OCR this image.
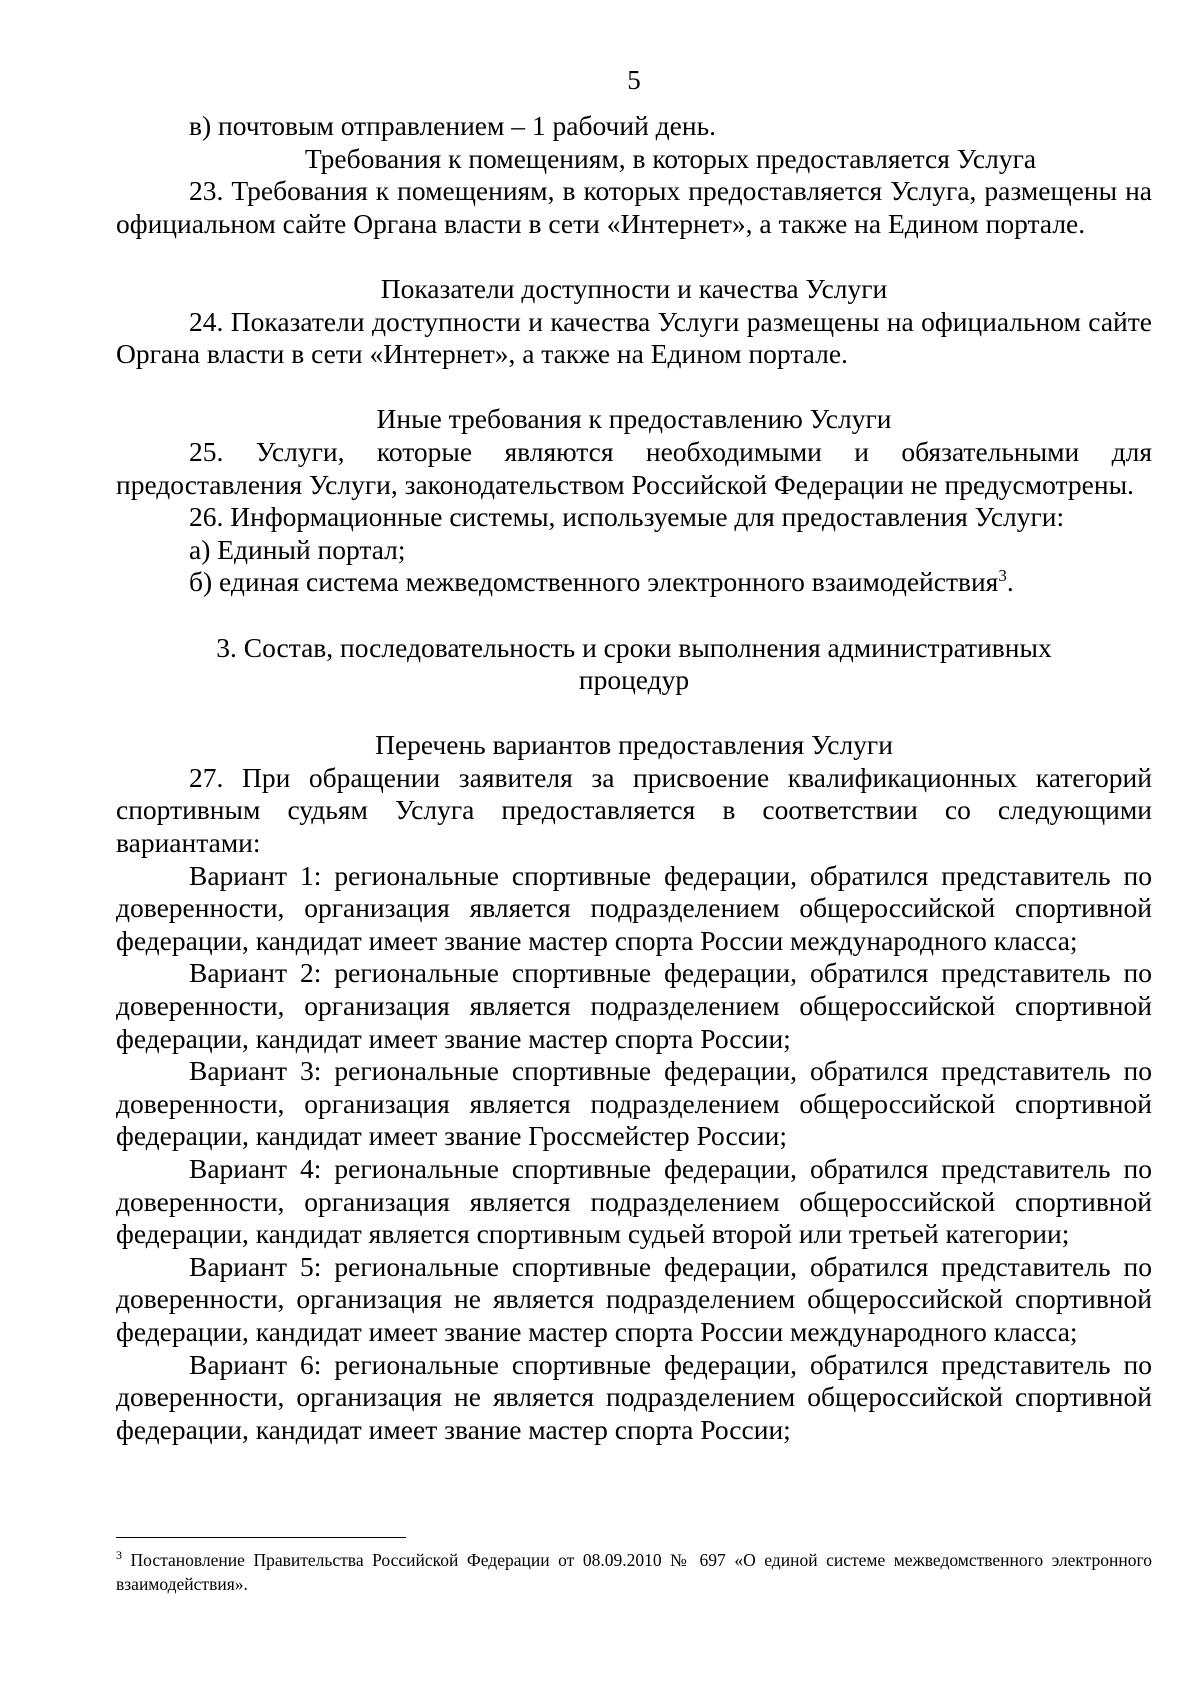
5

в) почтовым отправлением – 1 рабочий день.

Требования к помещениям, в которых предоставляется Услуга

23. Требования к помещениям, в которых предоставляется Услуга, размещены на официальном сайте Органа власти в сети «Интернет», а также на Едином портале.

Показатели доступности и качества Услуги

24. Показатели доступности и качества Услуги размещены на официальном сайте Органа власти в сети «Интернет», а также на Едином портале.

Иные требования к предоставлению Услуги

25. Услуги, которые являются необходимыми и обязательными для предоставления Услуги, законодательством Российской Федерации не предусмотрены.

26. Информационные системы, используемые для предоставления Услуги:

а) Единый портал;

б) единая система межведомственного электронного взаимодействия$^3$.

3. Состав, последовательность и сроки выполнения административных

процедур

Перечень вариантов предоставления Услуги

27. При обращении заявителя за присвоение квалификационных категорий спортивным судьям Услуга предоставляется в соответствии со следующими вариантами:

Вариант 1: региональные спортивные федерации, обратился представитель по доверенности, организация является подразделением общероссийской спортивной федерации, кандидат имеет звание мастер спорта России международного класса;

Вариант 2: региональные спортивные федерации, обратился представитель по доверенности, организация является подразделением общероссийской спортивной федерации, кандидат имеет звание мастер спорта России;

Вариант 3: региональные спортивные федерации, обратился представитель по доверенности, организация является подразделением общероссийской спортивной федерации, кандидат имеет звание Гроссмейстер России;

Вариант 4: региональные спортивные федерации, обратился представитель по доверенности, организация является подразделением общероссийской спортивной федерации, кандидат является спортивным судьей второй или третьей категории;

Вариант 5: региональные спортивные федерации, обратился представитель по доверенности, организация не является подразделением общероссийской спортивной федерации, кандидат имеет звание мастер спорта России международного класса;

Вариант 6: региональные спортивные федерации, обратился представитель по доверенности, организация не является подразделением общероссийской спортивной федерации, кандидат имеет звание мастер спорта России;

$^3$ Постановление Правительства Российской Федерации от 08.09.2010 № 697 «О единой системе межведомственного электронного взаимодействия».
